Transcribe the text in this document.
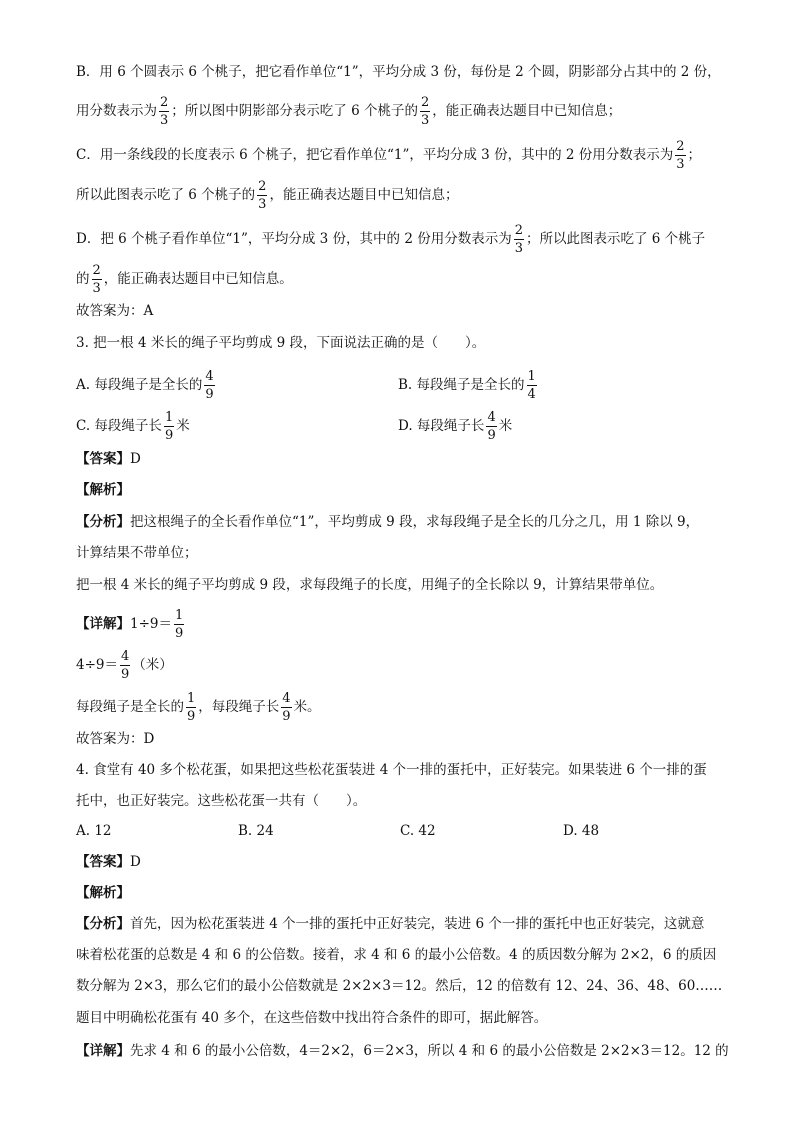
B．用 6 个圆表示 6 个桃子，把它看作单位“1”，平均分成 3 份，每份是 2 个圆，阴影部分占其中的 2 份，
用分数表示为 $\frac{2}{3}$ ；所以图中阴影部分表示吃了 6 个桃子的 $\frac{2}{3}$ ，能正确表达题目中已知信息；
C．用一条线段的长度表示 6 个桃子，把它看作单位“1”，平均分成 3 份，其中的 2 份用分数表示为 $\frac{2}{3}$ ；
所以此图表示吃了 6 个桃子的 $\frac{2}{3}$ ，能正确表达题目中已知信息；
D．把 6 个桃子看作单位“1”，平均分成 3 份，其中的 2 份用分数表示为 $\frac{2}{3}$ ；所以此图表示吃了 6 个桃子
的 $\frac{2}{3}$ ，能正确表达题目中已知信息。
故答案为：A
3. 把一根 4 米长的绳子平均剪成 9 段，下面说法正确的是（　　）。
A. 每段绳子是全长的 $\frac{4}{9}$	B. 每段绳子是全长的 $\frac{1}{4}$
C. 每段绳子长 $\frac{1}{9}$ 米	D. 每段绳子长 $\frac{4}{9}$ 米
【答案】D
【解析】
【分析】把这根绳子的全长看作单位“1”，平均剪成 9 段，求每段绳子是全长的几分之几，用 1 除以 9，
计算结果不带单位；
把一根 4 米长的绳子平均剪成 9 段，求每段绳子的长度，用绳子的全长除以 9，计算结果带单位。
【详解】$1\div 9= \frac{1}{9}$
$4\div 9= \frac{4}{9}$ （米）
每段绳子是全长的 $\frac{1}{9}$ ，每段绳子长 $\frac{4}{9}$ 米。
故答案为：D
4. 食堂有 40 多个松花蛋，如果把这些松花蛋装进 4 个一排的蛋托中，正好装完。如果装进 6 个一排的蛋
托中，也正好装完。这些松花蛋一共有（　　）。
A. 12	B. 24	C. 42	D. 48
【答案】D
【解析】
【分析】首先，因为松花蛋装进 4 个一排的蛋托中正好装完，装进 6 个一排的蛋托中也正好装完，这就意
味着松花蛋的总数是 4 和 6 的公倍数。接着，求 4 和 6 的最小公倍数。4 的质因数分解为 2×2，6 的质因
数分解为 2×3，那么它们的最小公倍数就是 2×2×3＝12。然后，12 的倍数有 12、24、36、48、60……
题目中明确松花蛋有 40 多个，在这些倍数中找出符合条件的即可，据此解答。
【详解】先求 4 和 6 的最小公倍数，4＝2×2，6＝2×3，所以 4 和 6 的最小公倍数是 2×2×3＝12。12 的
